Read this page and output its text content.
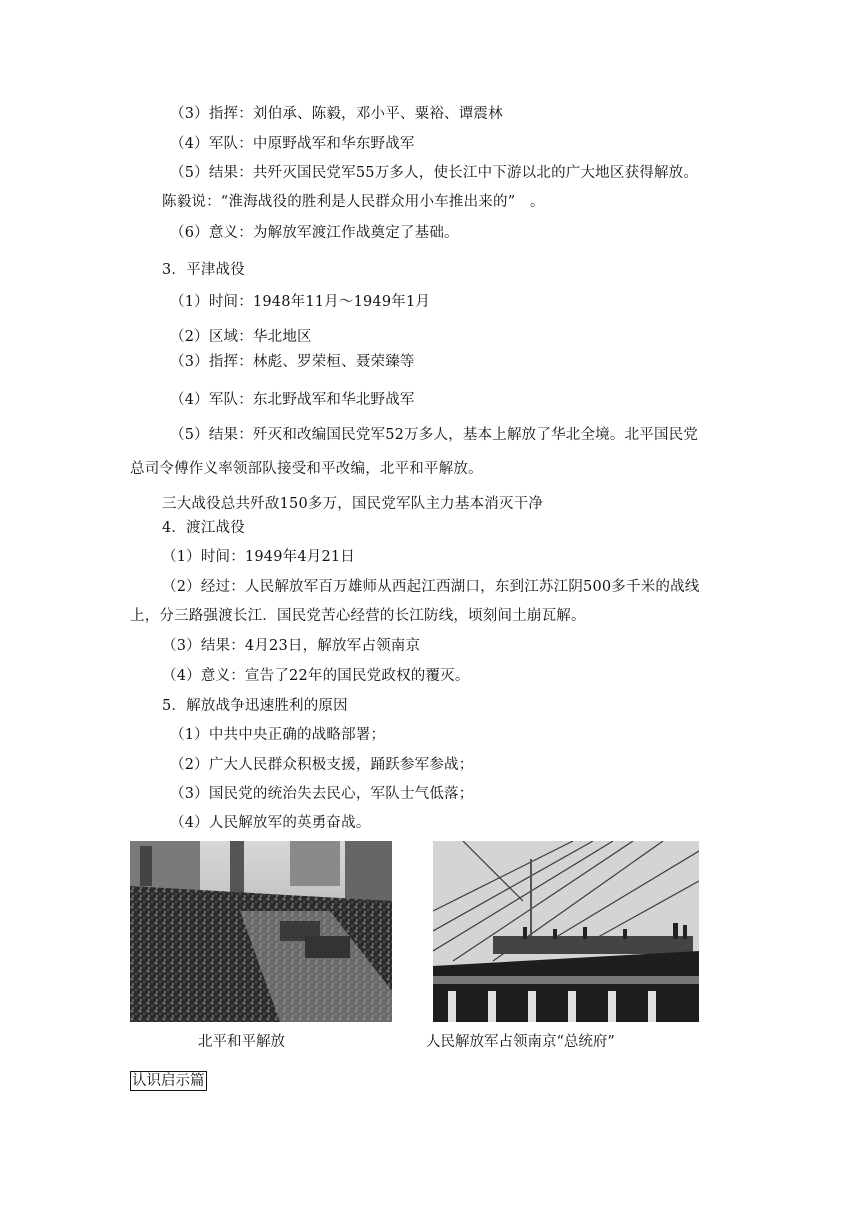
（3）指挥：刘伯承、陈毅，邓小平、粟裕、谭震林
（4）军队：中原野战军和华东野战军
（5）结果：共歼灭国民党军55万多人，使长江中下游以北的广大地区获得解放。
陈毅说：“淮海战役的胜利是人民群众用小车推出来的”　。
（6）意义：为解放军渡江作战奠定了基础。
3．平津战役
（1）时间：1948年11月～1949年1月
（2）区域：华北地区
（3）指挥：林彪、罗荣桓、聂荣臻等
（4）军队：东北野战军和华北野战军
（5）结果：歼灭和改编国民党军52万多人，基本上解放了华北全境。北平国民党
总司令傅作义率领部队接受和平改编，北平和平解放。
三大战役总共歼敌150多万，国民党军队主力基本消灭干净
4．渡江战役
（1）时间：1949年4月21日
（2）经过：人民解放军百万雄师从西起江西湖口，东到江苏江阴500多千米的战线
上，分三路强渡长江．国民党苦心经营的长江防线，顷刻间土崩瓦解。
（3）结果：4月23日，解放军占领南京
（4）意义：宣告了22年的国民党政权的覆灭。
5．解放战争迅速胜利的原因
（1）中共中央正确的战略部署；
（2）广大人民群众积极支援，踊跃参军参战；
（3）国民党的统治失去民心，军队士气低落；
（4）人民解放军的英勇奋战。
北平和平解放	人民解放军占领南京“总统府”
认识启示篇
